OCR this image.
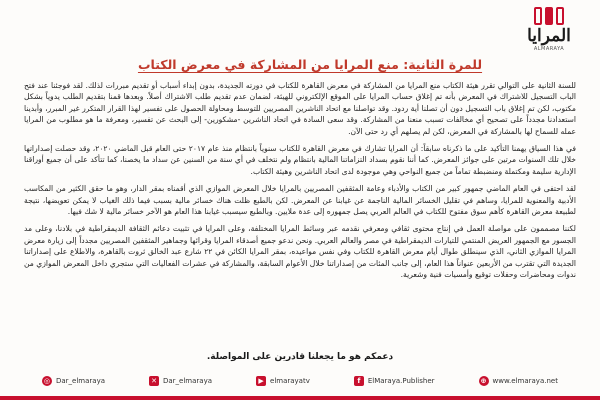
المرايا
ALMARAYA
للمرة الثانية: منع المرايا من المشاركة في معرض الكتاب

للسنة الثانية على التوالي تقرر هيئة الكتاب منع المرايا من المشاركة في معرض القاهرة للكتاب في دورته الجديدة، بدون إبداء أسباب أو تقديم مبررات لذلك. لقد فوجئنا عند فتح الباب التسجيل للاشتراك في المعرض بأنه تم إغلاق حساب المرايا على الموقع الإلكتروني للهيئة، لضمان عدم تقديم طلب الاشتراك أصلاً. وبعدها قمنا بتقديم الطلب يدوياً بشكل مكتوب، لكن تم إغلاق باب التسجيل دون أن تصلنا أية ردود. وقد تواصلنا مع اتحاد الناشرين المصريين للتوسط ومحاولة الحصول على تفسير لهذا القرار المتكرر غير المبرر، وأبدينا استعدادنا مجدداً على تصحيح أي مخالفات تسبب منعنا من المشاركة. وقد سعى السادة في اتحاد الناشرين -مشكورين- إلى البحث عن تفسير، ومعرفة ما هو مطلوب من المرايا عمله للسماح لها بالمشاركة في المعرض، لكن لم يصلهم أي رد حتى الآن.

في هذا السياق يهمنا التأكيد على ما ذكرناه سابقاً: أن المرايا تشارك في معرض القاهرة للكتاب سنوياً بانتظام منذ عام ٢٠١٧ حتى العام قبل الماضي ٢٠٢٠، وقد حصلت إصداراتها خلال تلك السنوات مرتين على جوائز المعرض. كما أننا نقوم بسداد التزاماتنا المالية بانتظام ولم نتخلف في أي سنة من السنين عن سداد ما يخصنا، كما تتأكد على أن جميع أوراقنا الإدارية سليمة ومكتملة ومنضبطة تماماً من جميع النواحي وهي موجودة لدى اتحاد الناشرين وهيئة الكتاب.

لقد احتفى في العام الماضي جمهور كبير من الكتاب والأدباء وعامة المثقفين المصريين بالمرايا خلال المعرض الموازي الذي أقمناه بمقر الدار، وهو ما حقق الكثير من المكاسب الأدبية والمعنوية للمرايا، وساهم في تقليل الخسائر المالية الناجمة عن غيابنا عن المعرض. لكن بالطبع ظلت هناك خسائر مالية بسبب فيما ذلك الغياب لا يمكن تعويضها، نتيجة لطبيعة معرض القاهرة كأهم سوق مفتوح للكتاب في العالم العربي يصل جمهوره إلى عدة ملايين. وبالطبع سيسبب غيابنا هذا العام هو الآخر خسائر مالية لا شك فيها.

لكننا مصممون على مواصلة العمل في إنتاج محتوى ثقافي ومعرفي نقدمه عبر وسائط المرايا المختلفة، وعلى المرايا في تثبيت دعائم الثقافة الديمقراطية في بلادنا، وعلى مد الجسور مع الجمهور العريض المنتمي للتيارات الديمقراطية في مصر والعالم العربي. ونحن ندعو جميع أصدقاء المرايا وقرائها وجماهير المثقفين المصريين مجدداً إلى زيارة معرض المرايا الموازي الثاني، الذي سينطلق طوال أيام معرض القاهرة للكتاب وفي نفس مواعيده، بمقر المرايا الكائن في ٢٢ شارع عبد الخالق ثروت بالقاهرة، والاطلاع على إصداراتنا الجديدة التي تقترب من الأربعين عنواناً هذا العام، إلى جانب المئات من إصداراتنا خلال الأعوام السابقة، والمشاركة في عشرات الفعاليات التي ستجري داخل المعرض الموازي من ندوات ومحاضرات وحفلات توقيع وأمسيات فنية وشعرية.

دعمكم هو ما يجعلنا قادرين على المواصلة.
◎ Dar_elmaraya	✕ Dar_elmaraya	▶ elmarayatv	f	ElMaraya.Publisher	⊕ www.elmaraya.net
